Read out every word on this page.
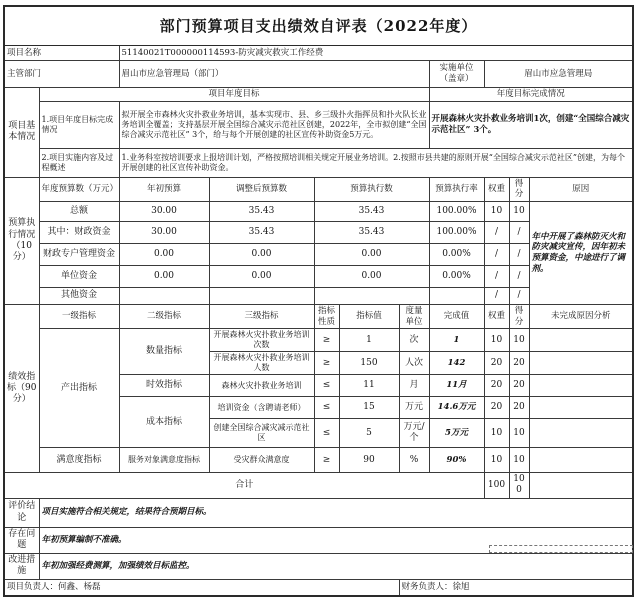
部门预算项目支出绩效自评表（2022年度）										
项目名称		51140021T000000114593-防灾减灾救灾工作经费								
主管部门		眉山市应急管理局（部门）					实施单位（盖章）	眉山市应急管理局		
项目基本情况	项目年度目标						年度目标完成情况			
	1.项目年度目标完成情况	拟开展全市森林火灾扑救业务培训，基本实现市、县、乡三级扑火指挥员和扑火队长业务培训全覆盖；支持基层开展全国综合减灾示范社区创建，2022年，全市拟创建“全国综合减灾示范社区” 3个，给与每个开展创建的社区宣传补助资金5万元。					开展森林火灾扑救业务培训1次，创建“全国综合减灾示范社区” 3个。			
	2.项目实施内容及过程概述	1.业务科室按培训要求上报培训计划，严格按照培训相关规定开展业务培训。2.按照市县共建的原则开展“全国综合减灾示范社区”创建，为每个开展创建的社区宣传补助资金。								
预算执行情况（10分）	年度预算数（万元）	年初预算	调整后预算数	预算执行数			预算执行率	权重	得分	原因
	总额	30.00	35.43	35.43			100.00%	10	10	年中开展了森林防灭火和防灾减灾宣传，因年初未预算资金，中途进行了调剂。
	其中：财政资金	30.00	35.43	35.43			100.00%	/	/	
	财政专户管理资金	0.00	0.00	0.00			0.00%	/	/	
	单位资金	0.00	0.00	0.00			0.00%	/	/	
	其他资金							/	/	
绩效指标（90分）	一级指标	二级指标	三级指标	指标性质	指标值	度量单位	完成值	权重	得分	未完成原因分析
	产出指标	数量指标	开展森林火灾扑救业务培训次数	≥	1	次	1	10	10	
			开展森林火灾扑救业务培训人数	≥	150	人次	142	20	20	
		时效指标	森林火灾扑救业务培训	≤	11	月	11月	20	20	
		成本指标	培训资金（含聘请老师）	≤	15	万元	14.6万元	20	20	
			创建全国综合减灾减示范社区	≤	5	万元/个	5万元	10	10	
	满意度指标	服务对象满意度指标	受灾群众满意度	≥	90	%	90%	10	10	
合计								100	100	
评价结论	项目实施符合相关规定，结果符合预期目标。									
存在问题	年初预算编制不准确。									
改进措施	年初加强经费测算，加强绩效目标监控。									
项目负责人：何鑫、杨磊						财务负责人：徐旭				
